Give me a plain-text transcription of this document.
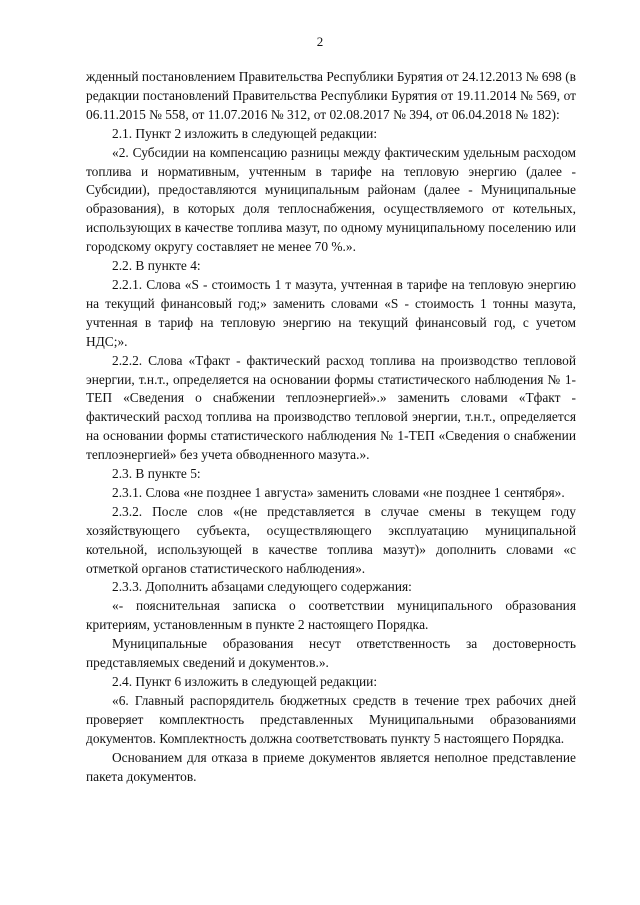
2

жденный постановлением Правительства Республики Бурятия от 24.12.2013 № 698 (в редакции постановлений Правительства Республики Бурятия от 19.11.2014 № 569, от 06.11.2015 № 558, от 11.07.2016 № 312, от 02.08.2017 № 394, от 06.04.2018 № 182):

2.1. Пункт 2 изложить в следующей редакции:

«2. Субсидии на компенсацию разницы между фактическим удельным расходом топлива и нормативным, учтенным в тарифе на тепловую энергию (далее - Субсидии), предоставляются муниципальным районам (далее - Муниципальные образования), в которых доля теплоснабжения, осуществляемого от котельных, использующих в качестве топлива мазут, по одному муниципальному поселению или городскому округу составляет не менее 70 %.».

2.2. В пункте 4:

2.2.1. Слова «S - стоимость 1 т мазута, учтенная в тарифе на тепловую энергию на текущий финансовый год;» заменить словами «S - стоимость 1 тонны мазута, учтенная в тариф на тепловую энергию на текущий финансовый год, с учетом НДС;».

2.2.2. Слова «Тфакт - фактический расход топлива на производство тепловой энергии, т.н.т., определяется на основании формы статистического наблюдения № 1-ТЕП «Сведения о снабжении теплоэнергией».» заменить словами «Тфакт - фактический расход топлива на производство тепловой энергии, т.н.т., определяется на основании формы статистического наблюдения № 1-ТЕП «Сведения о снабжении теплоэнергией» без учета обводненного мазута.».

2.3. В пункте 5:

2.3.1. Слова «не позднее 1 августа» заменить словами «не позднее 1 сентября».

2.3.2. После слов «(не представляется в случае смены в текущем году хозяйствующего субъекта, осуществляющего эксплуатацию муниципальной котельной, использующей в качестве топлива мазут)» дополнить словами «с отметкой органов статистического наблюдения».

2.3.3. Дополнить абзацами следующего содержания:

«- пояснительная записка о соответствии муниципального образования критериям, установленным в пункте 2 настоящего Порядка.

Муниципальные образования несут ответственность за достоверность представляемых сведений и документов.».

2.4. Пункт 6 изложить в следующей редакции:

«6. Главный распорядитель бюджетных средств в течение трех рабочих дней проверяет комплектность представленных Муниципальными образованиями документов. Комплектность должна соответствовать пункту 5 настоящего Порядка.

Основанием для отказа в приеме документов является неполное представление пакета документов.
